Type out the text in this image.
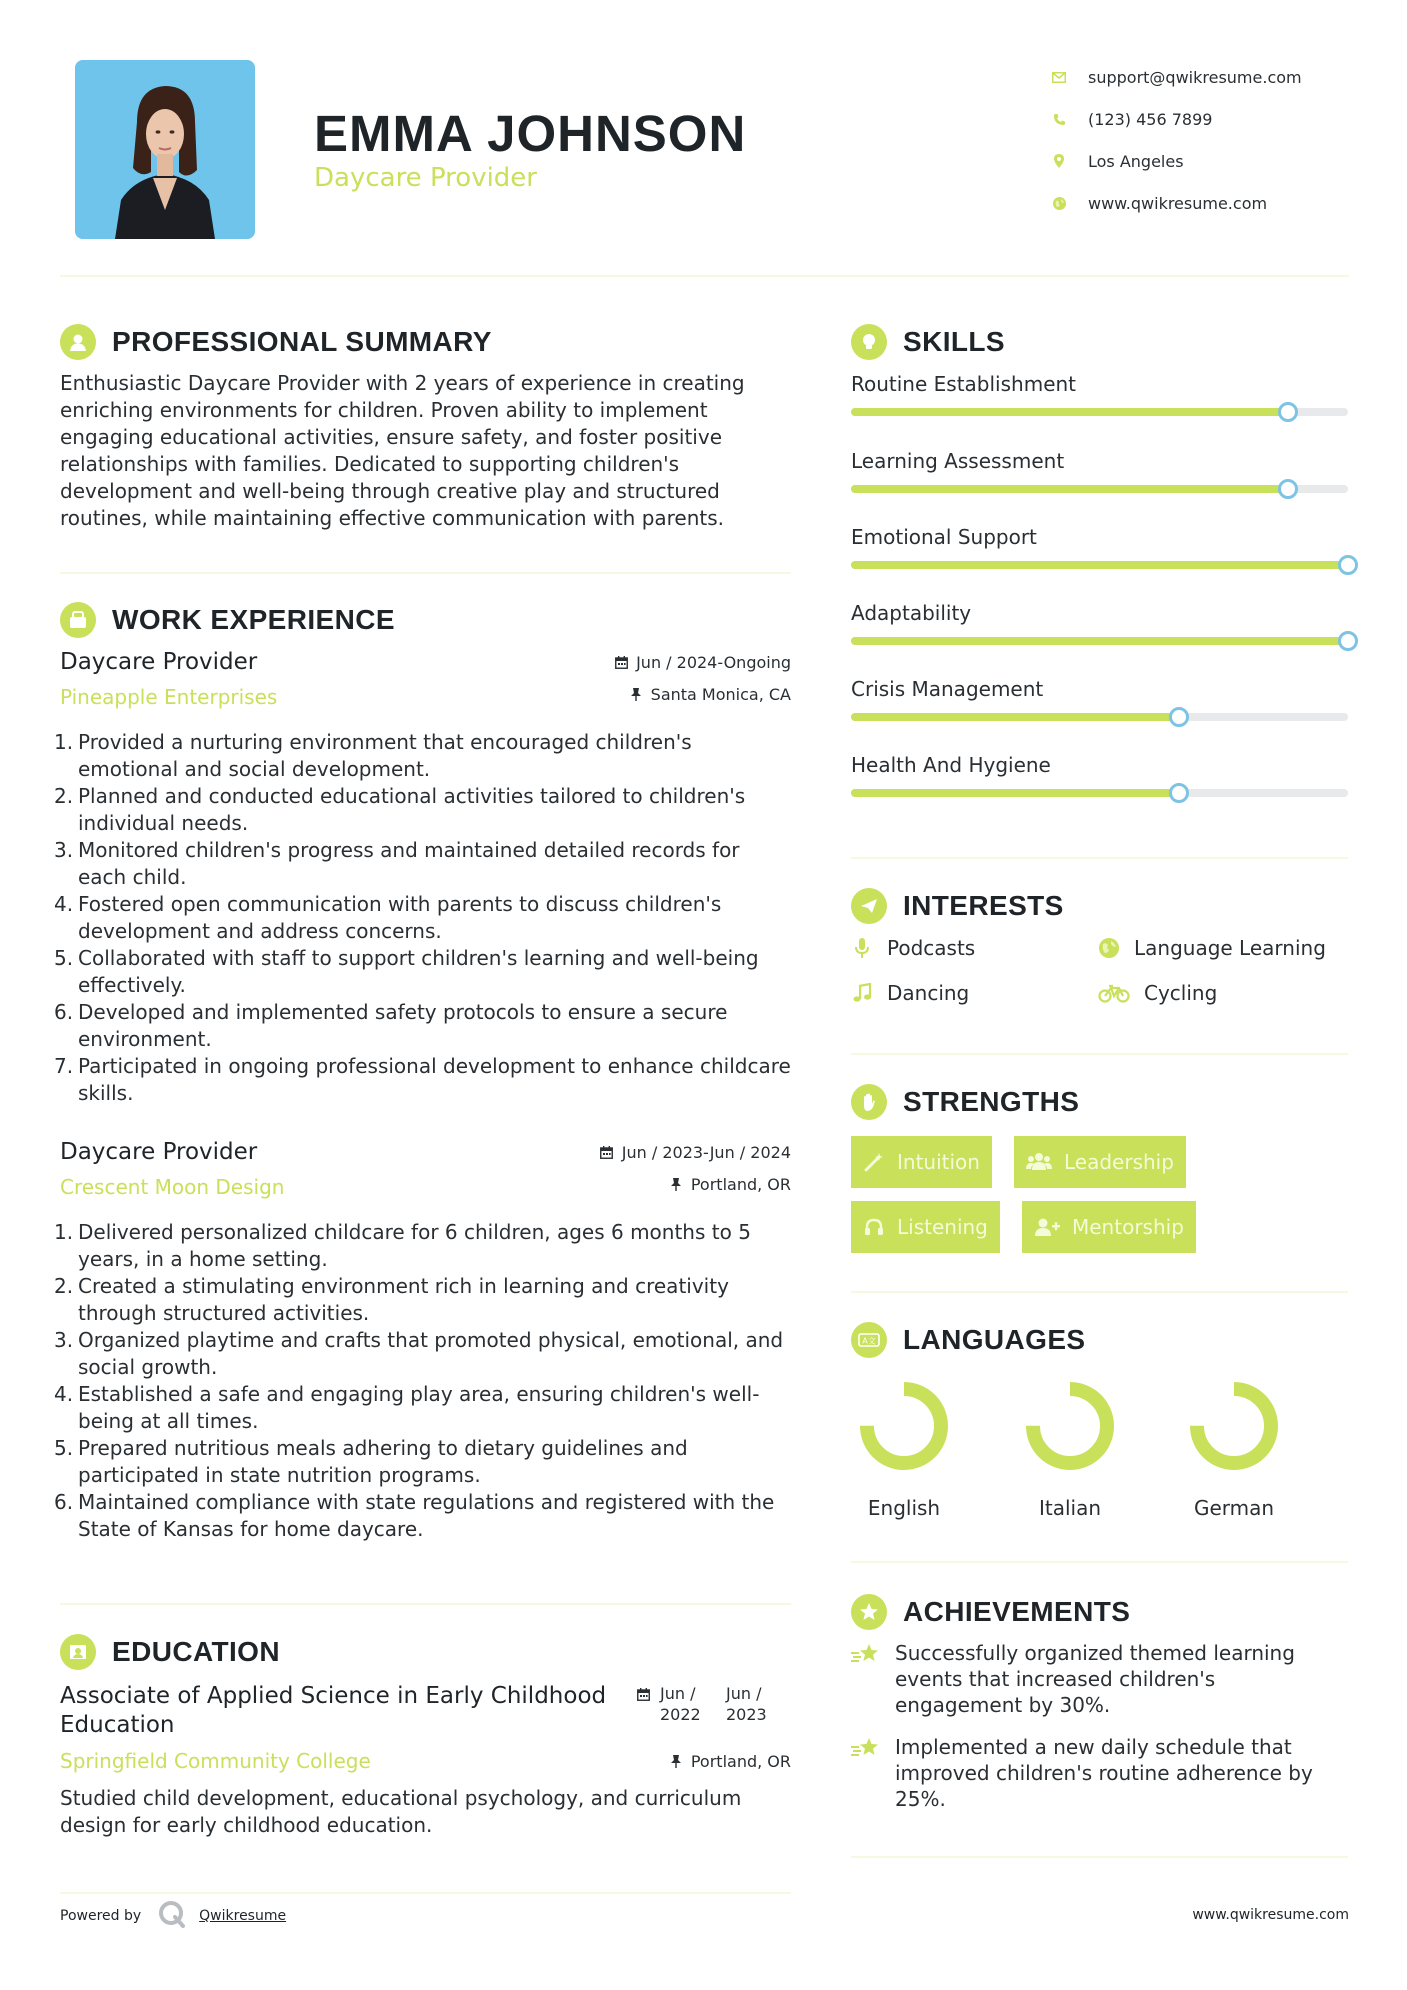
EMMA JOHNSON
Daycare Provider
support@qwikresume.com
(123) 456 7899
Los Angeles
www.qwikresume.com
PROFESSIONAL SUMMARY
Enthusiastic Daycare Provider with 2 years of experience in creating enriching environments for children. Proven ability to implement engaging educational activities, ensure safety, and foster positive relationships with families. Dedicated to supporting children's development and well-being through creative play and structured routines, while maintaining effective communication with parents.
WORK EXPERIENCE
Daycare Provider
Pineapple Enterprises
Jun / 2024-Ongoing
Santa Monica, CA
1. Provided a nurturing environment that encouraged children's emotional and social development.
2. Planned and conducted educational activities tailored to children's individual needs.
3. Monitored children's progress and maintained detailed records for each child.
4. Fostered open communication with parents to discuss children's development and address concerns.
5. Collaborated with staff to support children's learning and well-being effectively.
6. Developed and implemented safety protocols to ensure a secure environment.
7. Participated in ongoing professional development to enhance childcare skills.
Daycare Provider
Crescent Moon Design
Jun / 2023-Jun / 2024
Portland, OR
1. Delivered personalized childcare for 6 children, ages 6 months to 5 years, in a home setting.
2. Created a stimulating environment rich in learning and creativity through structured activities.
3. Organized playtime and crafts that promoted physical, emotional, and social growth.
4. Established a safe and engaging play area, ensuring children's well-being at all times.
5. Prepared nutritious meals adhering to dietary guidelines and participated in state nutrition programs.
6. Maintained compliance with state regulations and registered with the State of Kansas for home daycare.
EDUCATION
Associate of Applied Science in Early Childhood Education
Springfield Community College
Jun /
2022
Jun /
2023
Portland, OR
Studied child development, educational psychology, and curriculum design for early childhood education.
Powered by	Qwikresume	www.qwikresume.com
SKILLS
Routine Establishment
Learning Assessment
Emotional Support
Adaptability
Crisis Management
Health And Hygiene
INTERESTS
Podcasts	Language Learning
Dancing	Cycling
STRENGTHS
Intuition	Leadership
Listening	Mentorship
A文 LANGUAGES
English	Italian	German
ACHIEVEMENTS
Successfully organized themed learning events that increased children's engagement by 30%.
Implemented a new daily schedule that improved children's routine adherence by 25%.
